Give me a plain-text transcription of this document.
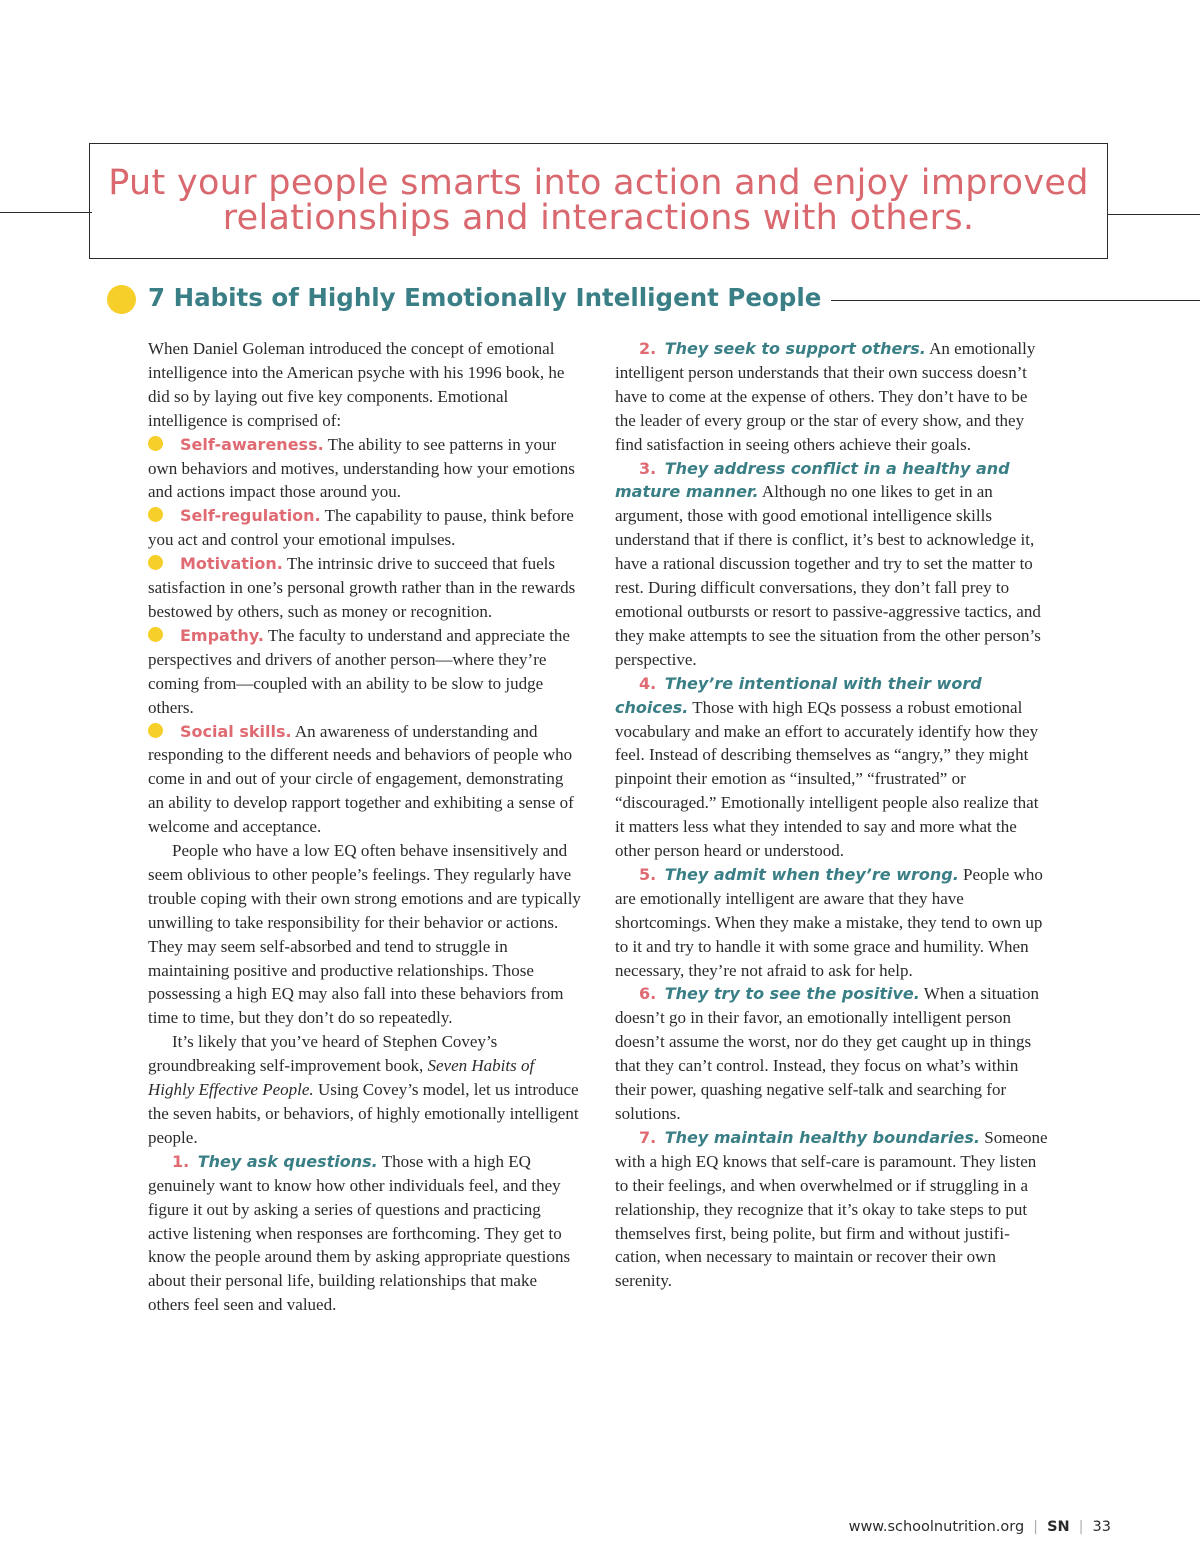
Put your people smarts into action and enjoy improved
relationships and interactions with others.

7 Habits of Highly Emotionally Intelligent People

When Daniel Goleman introduced the concept of emotional intelligence into the American psyche with his 1996 book, he did so by laying out five key components. Emotional intelligence is comprised of:

Self-awareness. The ability to see patterns in your own behaviors and motives, understanding how your emotions and actions impact those around you.

Self-regulation. The capability to pause, think before you act and control your emotional impulses.

Motivation. The intrinsic drive to succeed that fuels satisfaction in one’s personal growth rather than in the rewards bestowed by others, such as money or recognition.

Empathy. The faculty to understand and appreciate the perspectives and drivers of another person—where they’re coming from—coupled with an ability to be slow to judge others.

Social skills. An awareness of understanding and responding to the different needs and behaviors of people who come in and out of your circle of engagement, demonstrating an ability to develop rapport together and exhibiting a sense of welcome and acceptance.

People who have a low EQ often behave insensitively and seem oblivious to other people’s feelings. They regularly have trouble coping with their own strong emotions and are typically unwilling to take responsibility for their behavior or actions. They may seem self-absorbed and tend to struggle in maintaining positive and productive relationships. Those possessing a high EQ may also fall into these behaviors from time to time, but they don’t do so repeatedly.

It’s likely that you’ve heard of Stephen Covey’s groundbreaking self-improvement book, Seven Habits of Highly Effective People. Using Covey’s model, let us introduce the seven habits, or behaviors, of highly emotionally intelligent people.

1. They ask questions. Those with a high EQ genuinely want to know how other individuals feel, and they figure it out by asking a series of questions and practicing active listening when responses are forthcoming. They get to know the people around them by asking appropriate questions about their personal life, building relationships that make others feel seen and valued.

2. They seek to support others. An emotionally intelligent person understands that their own success doesn’t have to come at the expense of others. They don’t have to be the leader of every group or the star of every show, and they find satisfaction in seeing others achieve their goals.

3. They address conflict in a healthy and mature manner. Although no one likes to get in an argument, those with good emotional intelligence skills understand that if there is conflict, it’s best to acknowledge it, have a rational discussion together and try to set the matter to rest. During difficult conversations, they don’t fall prey to emotional outbursts or resort to passive-aggressive tactics, and they make attempts to see the situation from the other person’s perspective.

4. They’re intentional with their word choices. Those with high EQs possess a robust emotional vocabulary and make an effort to accurately identify how they feel. Instead of describing themselves as “angry,” they might pinpoint their emotion as “insulted,” “frustrated” or “discouraged.” Emotionally intelligent people also realize that it matters less what they intended to say and more what the other person heard or understood.

5. They admit when they’re wrong. People who are emotionally intelligent are aware that they have shortcomings. When they make a mistake, they tend to own up to it and try to handle it with some grace and humility. When necessary, they’re not afraid to ask for help.

6. They try to see the positive. When a situation doesn’t go in their favor, an emotionally intelligent person doesn’t assume the worst, nor do they get caught up in things that they can’t control. Instead, they focus on what’s within their power, quashing negative self-talk and searching for solutions.

7. They maintain healthy boundaries. Someone with a high EQ knows that self-care is paramount. They listen to their feelings, and when overwhelmed or if struggling in a relationship, they recognize that it’s okay to take steps to put themselves first, being polite, but firm and without justification, when necessary to maintain or recover their own serenity.

www.schoolnutrition.org | SN | 33
